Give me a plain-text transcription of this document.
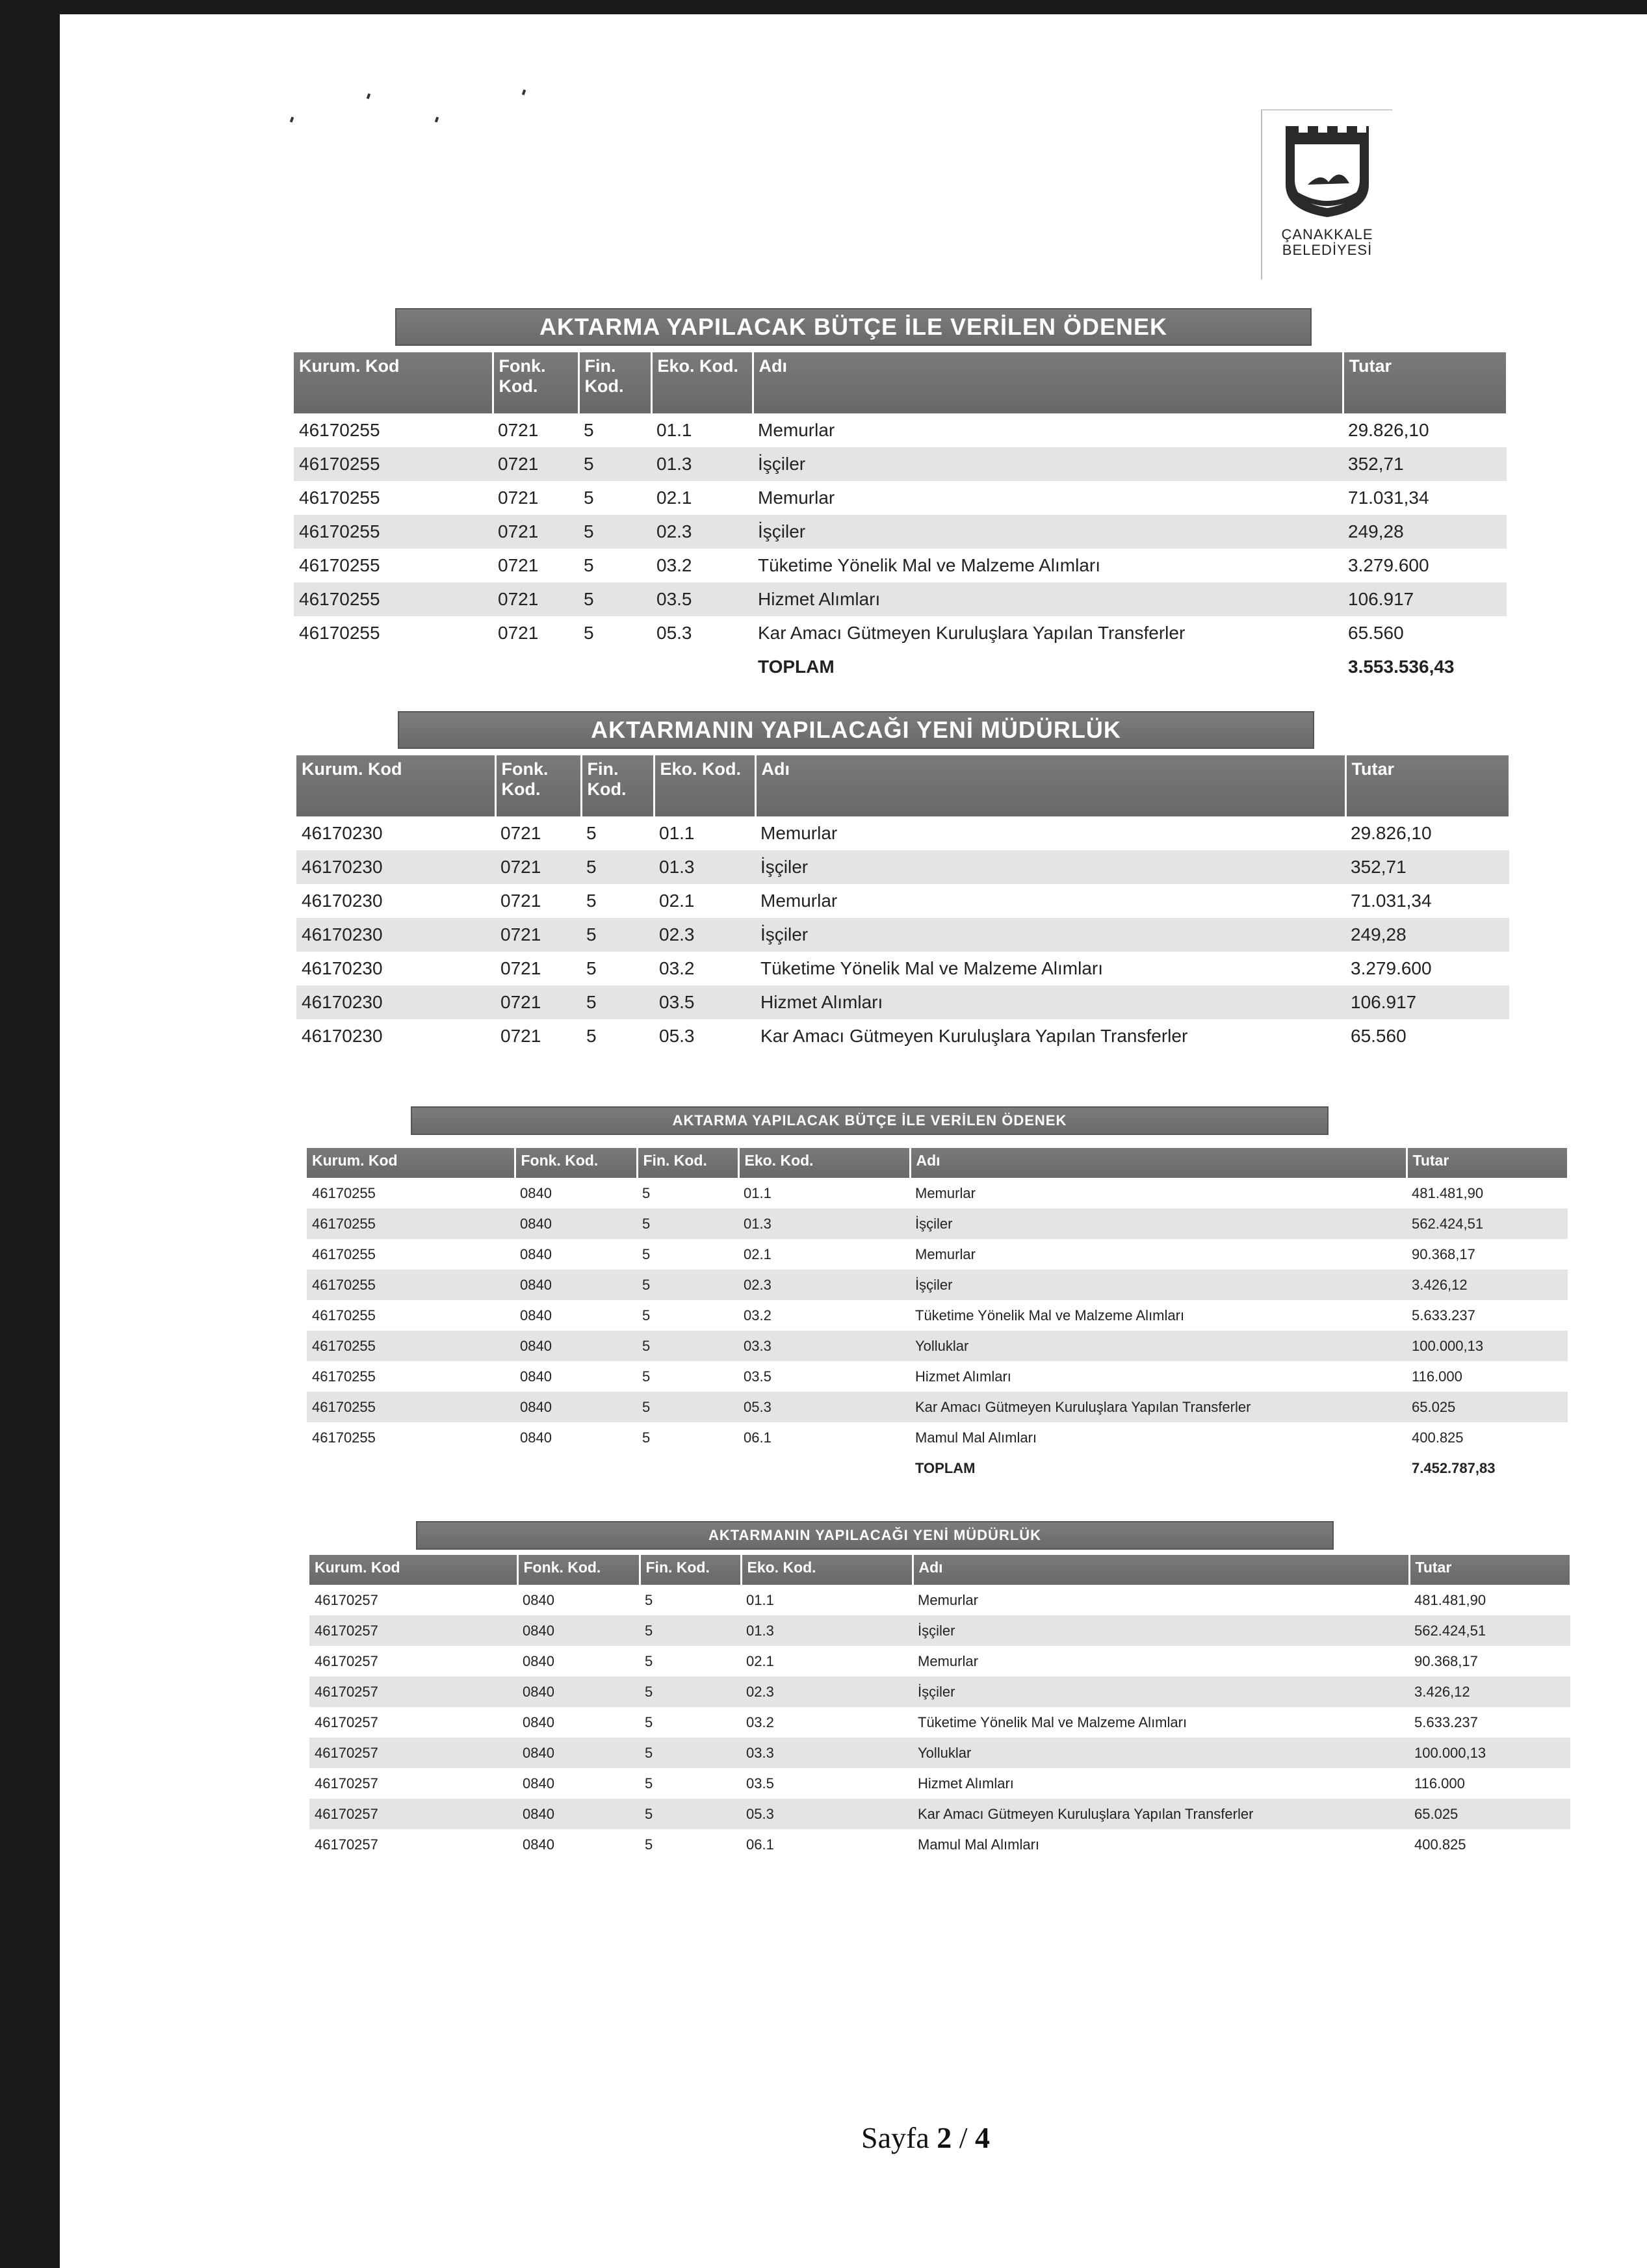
ÇANAKKALE
BELEDİYESİ
AKTARMA YAPILACAK BÜTÇE İLE VERİLEN ÖDENEK
Kurum. Kod	Fonk. Kod.	Fin. Kod.	Eko. Kod.	Adı	Tutar
46170255	0721	5	01.1	Memurlar	29.826,10
46170255	0721	5	01.3	İşçiler	352,71
46170255	0721	5	02.1	Memurlar	71.031,34
46170255	0721	5	02.3	İşçiler	249,28
46170255	0721	5	03.2	Tüketime Yönelik Mal ve Malzeme Alımları	3.279.600
46170255	0721	5	03.5	Hizmet Alımları	106.917
46170255	0721	5	05.3	Kar Amacı Gütmeyen Kuruluşlara Yapılan Transferler	65.560
				TOPLAM	3.553.536,43
AKTARMANIN YAPILACAĞI YENİ MÜDÜRLÜK
Kurum. Kod	Fonk. Kod.	Fin. Kod.	Eko. Kod.	Adı	Tutar
46170230	0721	5	01.1	Memurlar	29.826,10
46170230	0721	5	01.3	İşçiler	352,71
46170230	0721	5	02.1	Memurlar	71.031,34
46170230	0721	5	02.3	İşçiler	249,28
46170230	0721	5	03.2	Tüketime Yönelik Mal ve Malzeme Alımları	3.279.600
46170230	0721	5	03.5	Hizmet Alımları	106.917
46170230	0721	5	05.3	Kar Amacı Gütmeyen Kuruluşlara Yapılan Transferler	65.560
AKTARMA YAPILACAK BÜTÇE İLE VERİLEN ÖDENEK
Kurum. Kod	Fonk. Kod.	Fin. Kod.	Eko. Kod.	Adı	Tutar
46170255	0840	5	01.1	Memurlar	481.481,90
46170255	0840	5	01.3	İşçiler	562.424,51
46170255	0840	5	02.1	Memurlar	90.368,17
46170255	0840	5	02.3	İşçiler	3.426,12
46170255	0840	5	03.2	Tüketime Yönelik Mal ve Malzeme Alımları	5.633.237
46170255	0840	5	03.3	Yolluklar	100.000,13
46170255	0840	5	03.5	Hizmet Alımları	116.000
46170255	0840	5	05.3	Kar Amacı Gütmeyen Kuruluşlara Yapılan Transferler	65.025
46170255	0840	5	06.1	Mamul Mal Alımları	400.825
				TOPLAM	7.452.787,83
AKTARMANIN YAPILACAĞI YENİ MÜDÜRLÜK
Kurum. Kod	Fonk. Kod.	Fin. Kod.	Eko. Kod.	Adı	Tutar
46170257	0840	5	01.1	Memurlar	481.481,90
46170257	0840	5	01.3	İşçiler	562.424,51
46170257	0840	5	02.1	Memurlar	90.368,17
46170257	0840	5	02.3	İşçiler	3.426,12
46170257	0840	5	03.2	Tüketime Yönelik Mal ve Malzeme Alımları	5.633.237
46170257	0840	5	03.3	Yolluklar	100.000,13
46170257	0840	5	03.5	Hizmet Alımları	116.000
46170257	0840	5	05.3	Kar Amacı Gütmeyen Kuruluşlara Yapılan Transferler	65.025
46170257	0840	5	06.1	Mamul Mal Alımları	400.825
Sayfa 2 / 4
